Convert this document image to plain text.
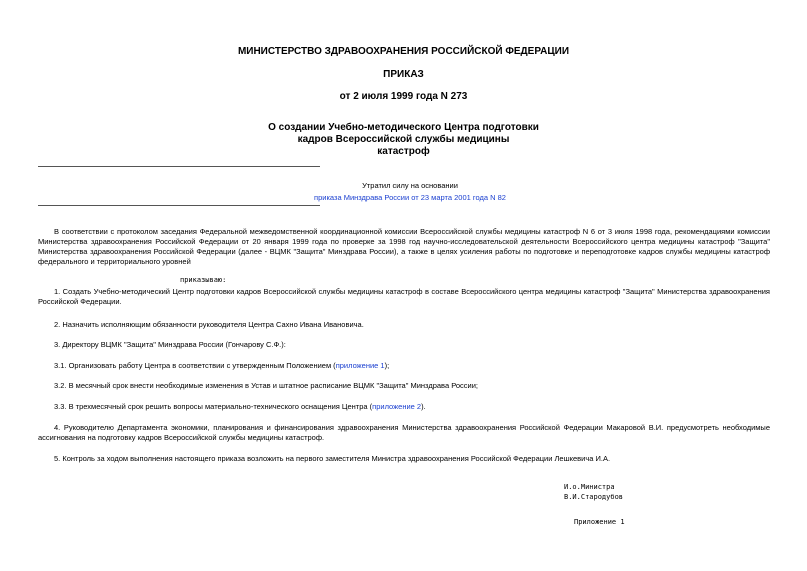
МИНИСТЕРСТВО ЗДРАВООХРАНЕНИЯ РОССИЙСКОЙ ФЕДЕРАЦИИ
ПРИКАЗ
от 2 июля 1999 года N 273
О создании Учебно-методического Центра подготовки
кадров Всероссийской службы медицины
катастроф
Утратил силу на основании
приказа Минздрава России от 23 марта 2001 года N 82

В соответствии с протоколом заседания Федеральной межведомственной координационной комиссии Всероссийской службы медицины катастроф N 6 от 3 июля 1998 года, рекомендациями комиссии Министерства здравоохранения Российской Федерации от 20 января 1999 года по проверке за 1998 год научно-исследовательской деятельности Всероссийского центра медицины катастроф "Защита" Министерства здравоохранения Российской Федерации (далее - ВЦМК "Защита" Минздрава России), а также в целях усиления работы по подготовке и переподготовке кадров службы медицины катастроф федерального и территориального уровней

приказываю:

1. Создать Учебно-методический Центр подготовки кадров Всероссийской службы медицины катастроф в составе Всероссийского центра медицины катастроф "Защита" Министерства здравоохранения Российской Федерации.

2. Назначить исполняющим обязанности руководителя Центра Сахно Ивана Ивановича.

3. Директору ВЦМК "Защита" Минздрава России (Гончарову С.Ф.):

3.1. Организовать работу Центра в соответствии с утвержденным Положением (приложение 1);

3.2. В месячный срок внести необходимые изменения в Устав и штатное расписание ВЦМК "Защита" Минздрава России;

3.3. В трехмесячный срок решить вопросы материально-технического оснащения Центра (приложение 2).

4. Руководителю Департамента экономики, планирования и финансирования здравоохранения Министерства здравоохранения Российской Федерации Макаровой В.И. предусмотреть необходимые ассигнования на подготовку кадров Всероссийской службы медицины катастроф.

5. Контроль за ходом выполнения настоящего приказа возложить на первого заместителя Министра здравоохранения Российской Федерации Лешкевича И.А.

И.о.Министра
В.И.Стародубов
Приложение 1
